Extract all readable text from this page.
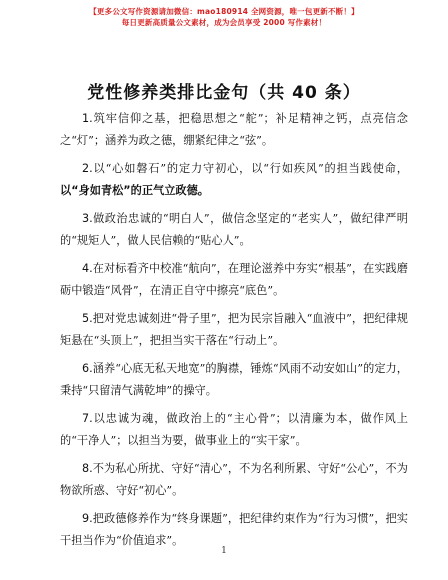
【更多公文写作资源请加微信：mao180914 全网资源，唯一包更新不断！】
每日更新高质量公文素材，成为会员享受 2000 写作素材！
党性修养类排比金句（共 40 条）

1.筑牢信仰之基，把稳思想之“舵”；补足精神之钙，点亮信念之“灯”；涵养为政之德，绷紧纪律之“弦”。

2.以“心如磐石”的定力守初心，以“行如疾风”的担当践使命，以“身如青松”的正气立政德。

3.做政治忠诚的“明白人”，做信念坚定的“老实人”，做纪律严明的“规矩人”，做人民信赖的“贴心人”。

4.在对标看齐中校准“航向”，在理论滋养中夯实“根基”，在实践磨砺中锻造“风骨”，在清正自守中擦亮“底色”。

5.把对党忠诚刻进“骨子里”，把为民宗旨融入“血液中”，把纪律规矩悬在“头顶上”，把担当实干落在“行动上”。

6.涵养“心底无私天地宽”的胸襟，锤炼“风雨不动安如山”的定力，秉持“只留清气满乾坤”的操守。

7.以忠诚为魂，做政治上的“主心骨”；以清廉为本，做作风上的“干净人”；以担当为要，做事业上的“实干家”。

8.不为私心所扰、守好“清心”，不为名利所累、守好“公心”，不为物欲所惑、守好“初心”。

9.把政德修养作为“终身课题”，把纪律约束作为“行为习惯”，把实干担当作为“价值追求”。

1
